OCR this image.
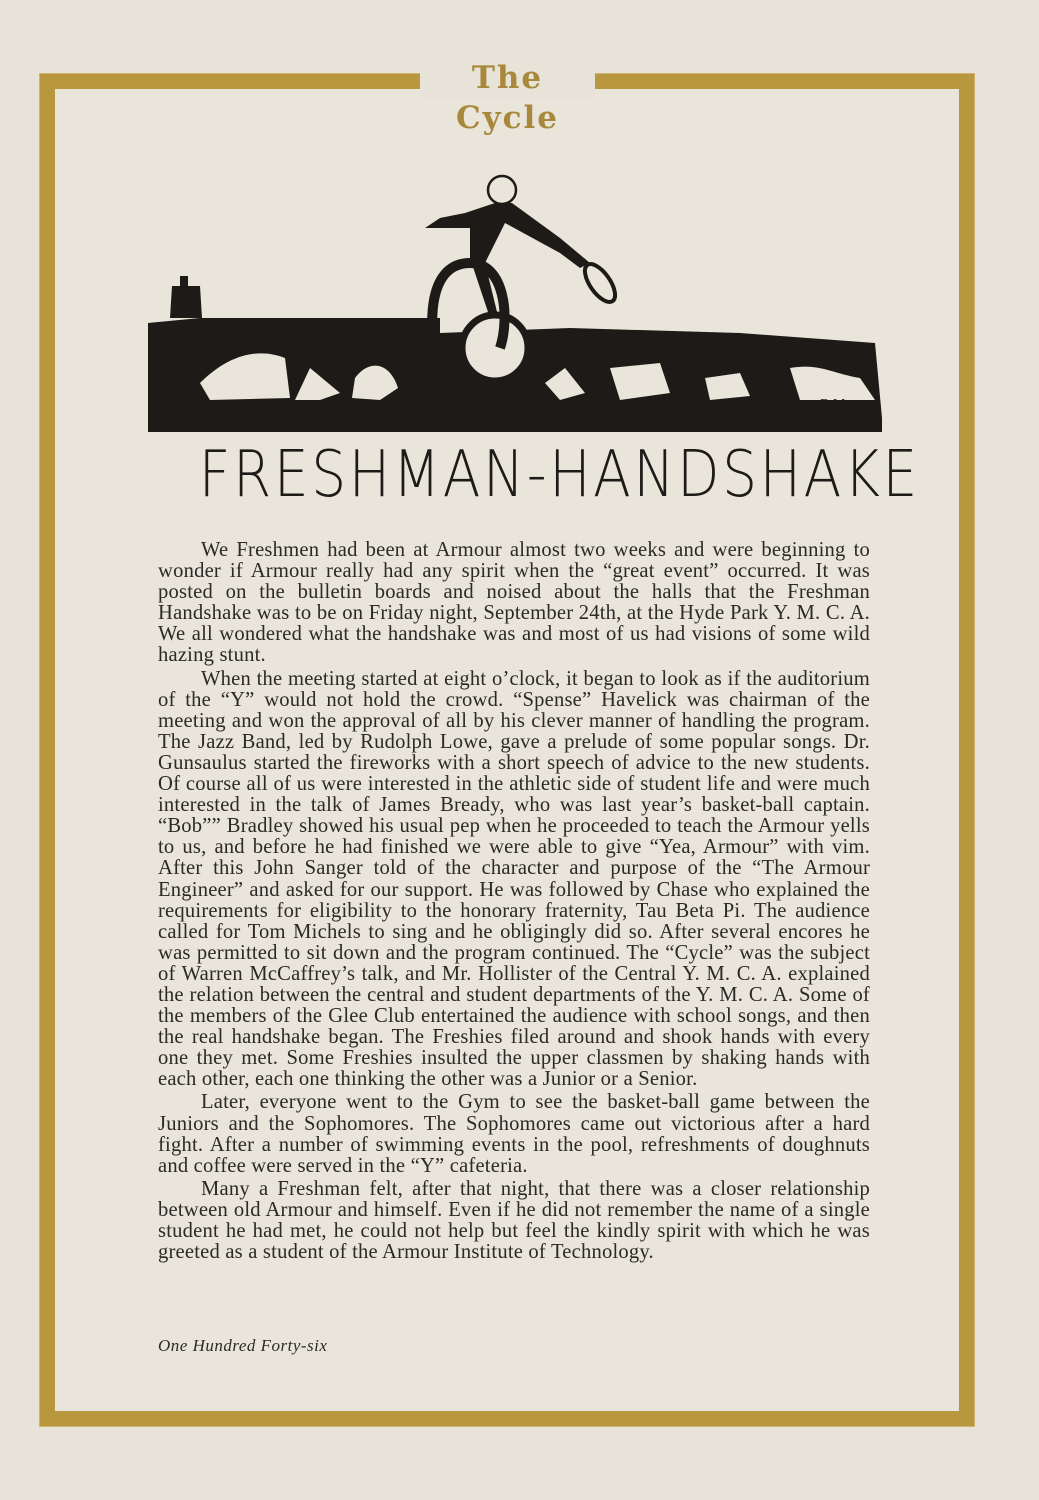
The Cycle
B.M.
FRESHMAN-HANDSHAKE

We Freshmen had been at Armour almost two weeks and were beginning to wonder if Armour really had any spirit when the “great event” occurred. It was posted on the bulletin boards and noised about the halls that the Freshman Handshake was to be on Friday night, September 24th, at the Hyde Park Y. M. C. A. We all wondered what the handshake was and most of us had visions of some wild hazing stunt.

When the meeting started at eight o’clock, it began to look as if the auditorium of the “Y” would not hold the crowd. “Spense” Havelick was chairman of the meeting and won the approval of all by his clever manner of handling the program. The Jazz Band, led by Rudolph Lowe, gave a prelude of some popular songs. Dr. Gunsaulus started the fireworks with a short speech of advice to the new students. Of course all of us were interested in the athletic side of student life and were much interested in the talk of James Bready, who was last year’s basket-ball captain. “Bob”” Bradley showed his usual pep when he proceeded to teach the Armour yells to us, and before he had finished we were able to give “Yea, Armour” with vim. After this John Sanger told of the character and purpose of the “The Armour Engineer” and asked for our support. He was followed by Chase who explained the requirements for eligibility to the honorary fraternity, Tau Beta Pi. The audience called for Tom Michels to sing and he obligingly did so. After several encores he was permitted to sit down and the program continued. The “Cycle” was the subject of Warren McCaffrey’s talk, and Mr. Hollister of the Central Y. M. C. A. explained the relation between the central and student departments of the Y. M. C. A. Some of the members of the Glee Club entertained the audience with school songs, and then the real handshake began. The Freshies filed around and shook hands with every one they met. Some Freshies insulted the upper classmen by shaking hands with each other, each one thinking the other was a Junior or a Senior.

Later, everyone went to the Gym to see the basket-ball game between the Juniors and the Sophomores. The Sophomores came out victorious after a hard fight. After a number of swimming events in the pool, refreshments of doughnuts and coffee were served in the “Y” cafeteria.

Many a Freshman felt, after that night, that there was a closer relationship between old Armour and himself. Even if he did not remember the name of a single student he had met, he could not help but feel the kindly spirit with which he was greeted as a student of the Armour Institute of Technology.

One Hundred Forty-six
